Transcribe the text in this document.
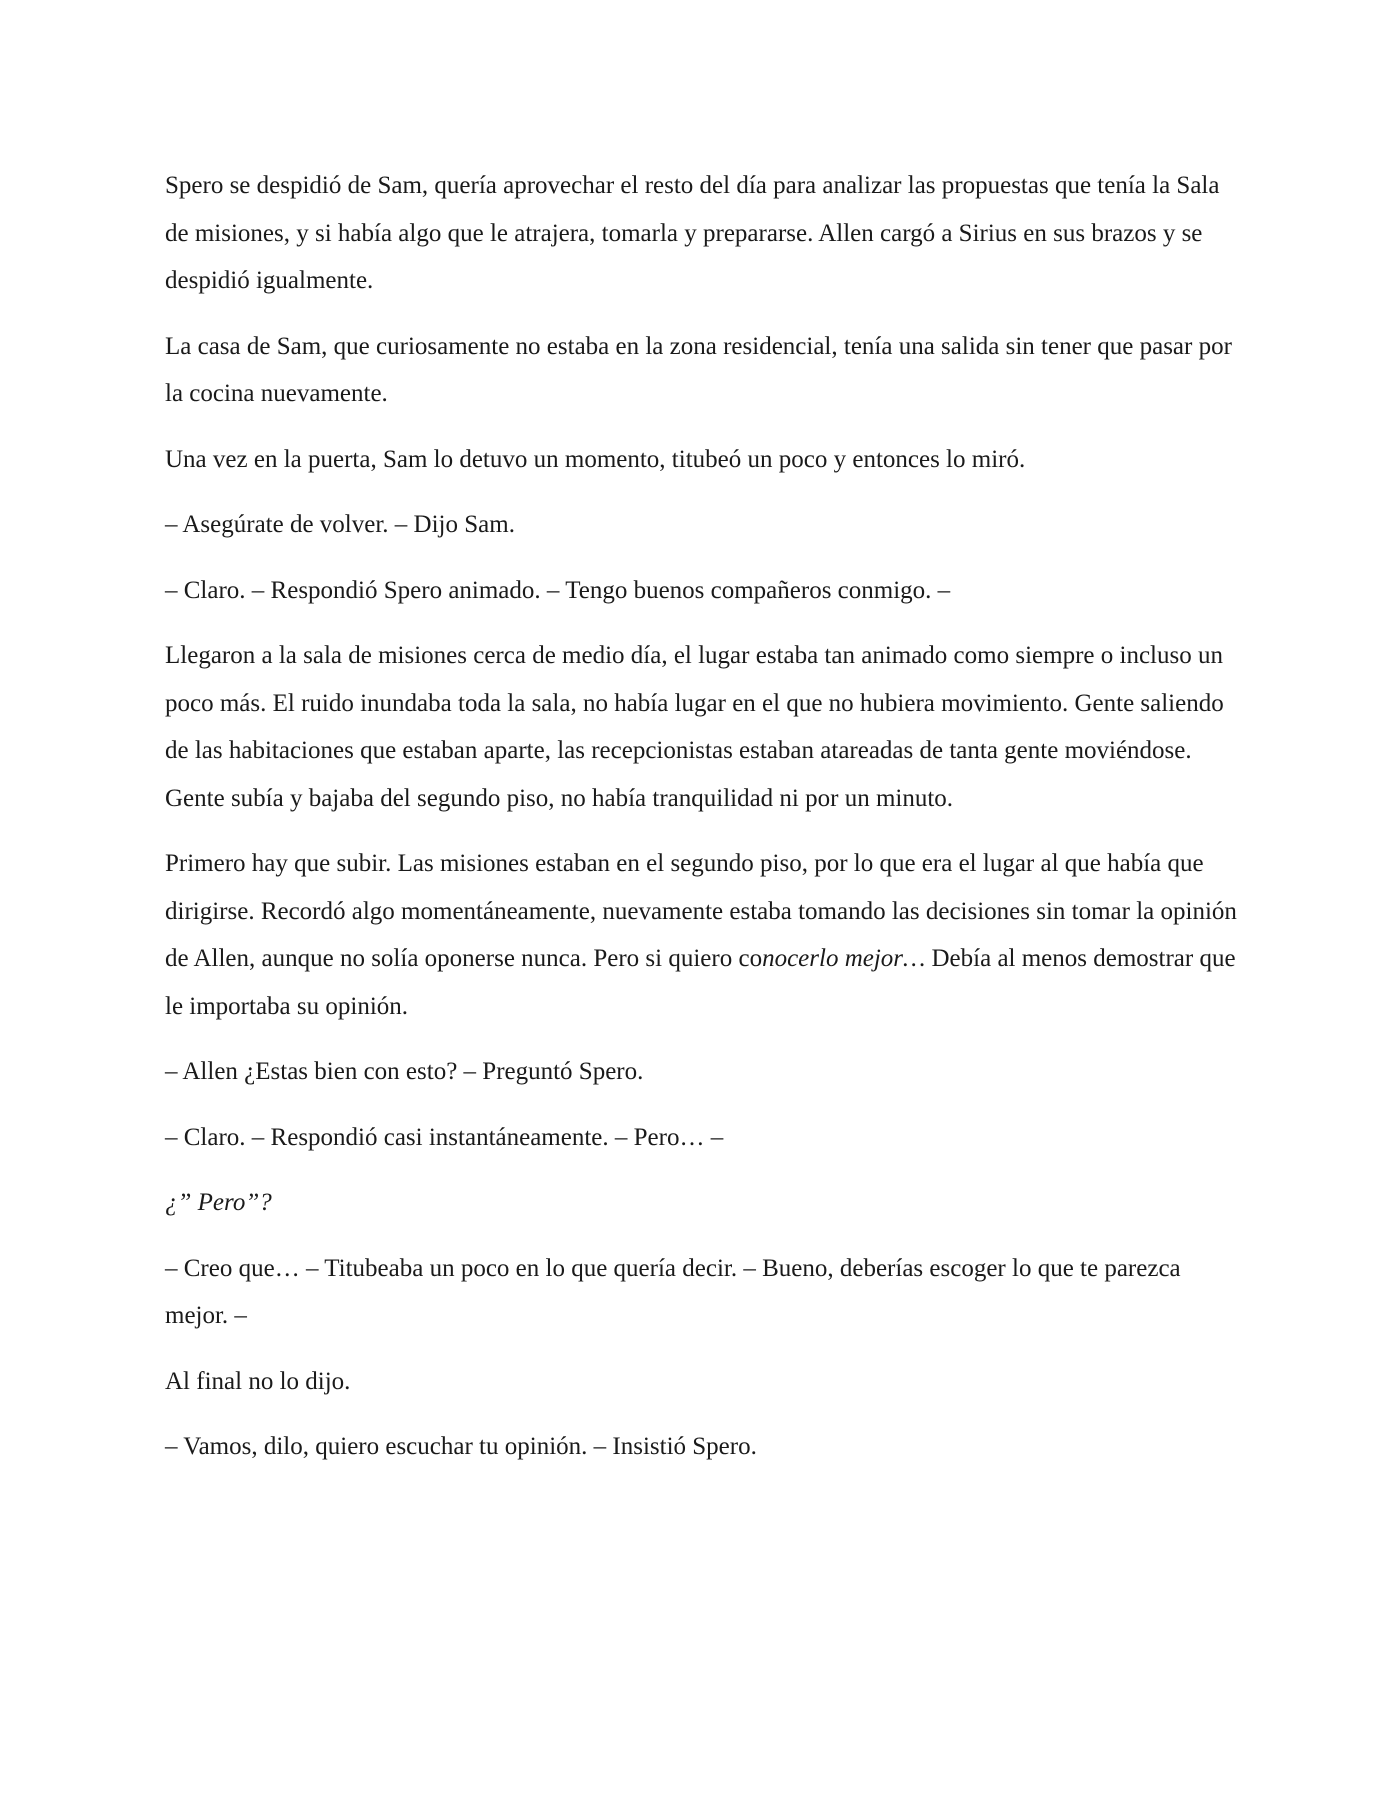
Spero se despidió de Sam, quería aprovechar el resto del día para analizar las propuestas que tenía la Sala de misiones, y si había algo que le atrajera, tomarla y prepararse. Allen cargó a Sirius en sus brazos y se despidió igualmente.

La casa de Sam, que curiosamente no estaba en la zona residencial, tenía una salida sin tener que pasar por la cocina nuevamente.

Una vez en la puerta, Sam lo detuvo un momento, titubeó un poco y entonces lo miró.

– Asegúrate de volver. – Dijo Sam.

– Claro. – Respondió Spero animado. – Tengo buenos compañeros conmigo. –

Llegaron a la sala de misiones cerca de medio día, el lugar estaba tan animado como siempre o incluso un poco más. El ruido inundaba toda la sala, no había lugar en el que no hubiera movimiento. Gente saliendo de las habitaciones que estaban aparte, las recepcionistas estaban atareadas de tanta gente moviéndose. Gente subía y bajaba del segundo piso, no había tranquilidad ni por un minuto.

Primero hay que subir. Las misiones estaban en el segundo piso, por lo que era el lugar al que había que dirigirse. Recordó algo momentáneamente, nuevamente estaba tomando las decisiones sin tomar la opinión de Allen, aunque no solía oponerse nunca. Pero si quiero conocerlo mejor… Debía al menos demostrar que le importaba su opinión.

– Allen ¿Estas bien con esto? – Preguntó Spero.

– Claro. – Respondió casi instantáneamente. – Pero… –

¿” Pero”?

– Creo que… – Titubeaba un poco en lo que quería decir. – Bueno, deberías escoger lo que te parezca mejor. –

Al final no lo dijo.

– Vamos, dilo, quiero escuchar tu opinión. – Insistió Spero.
